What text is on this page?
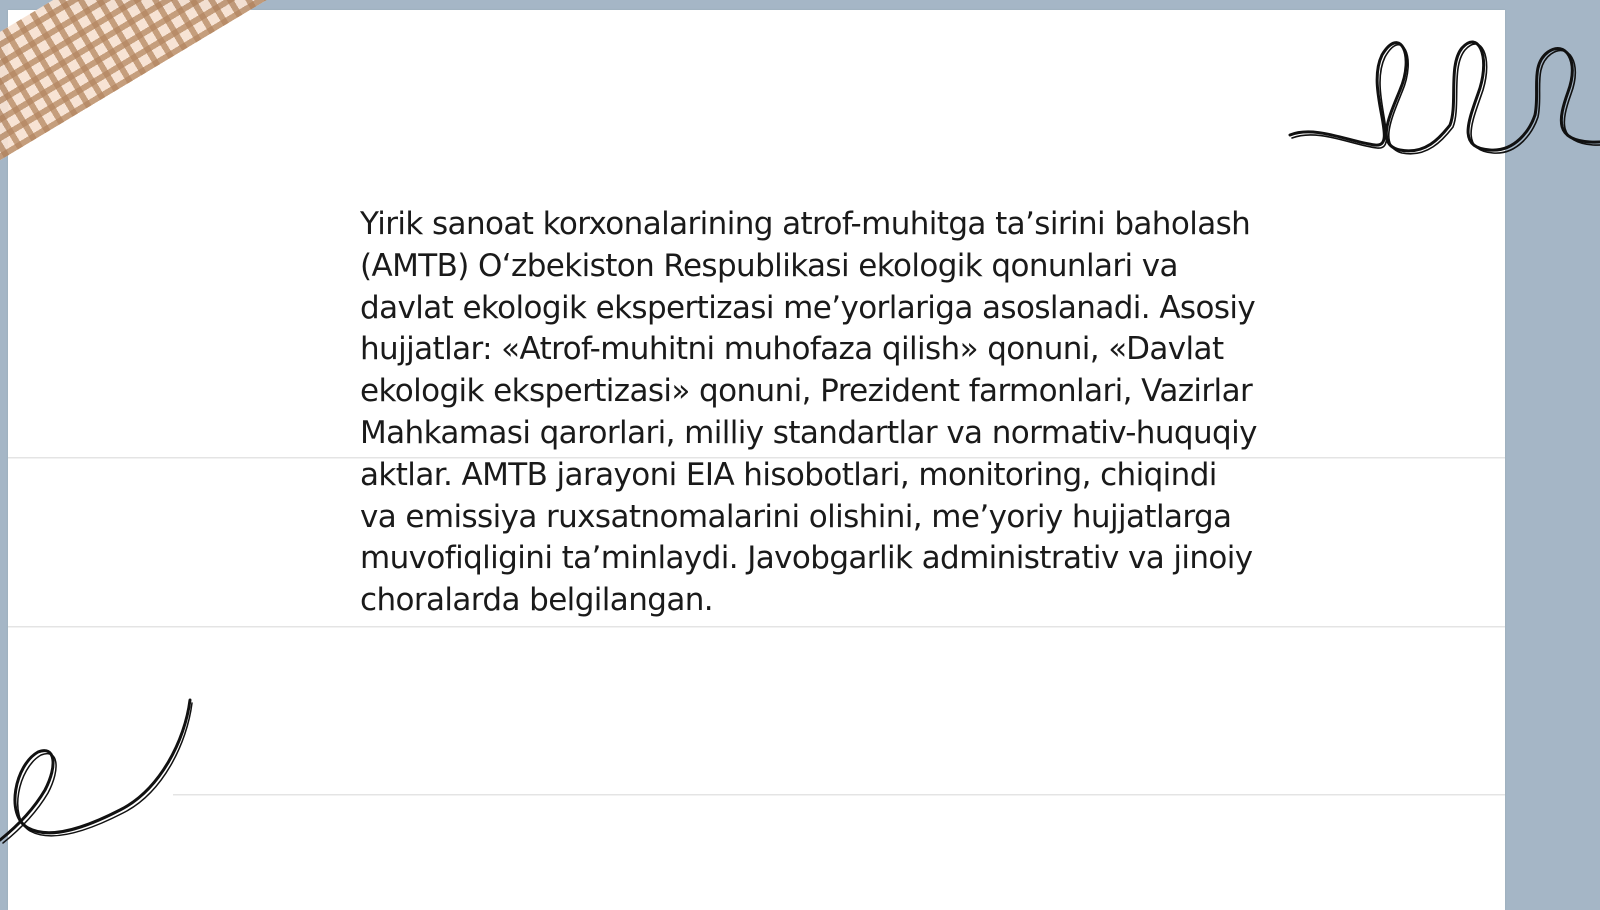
Yirik sanoat korxonalarining atrof-muhitga ta’sirini baholash (AMTB) O‘zbekiston Respublikasi ekologik qonunlari va davlat ekologik ekspertizasi me’yorlariga asoslanadi. Asosiy hujjatlar: «Atrof-muhitni muhofaza qilish» qonuni, «Davlat ekologik ekspertizasi» qonuni, Prezident farmonlari, Vazirlar Mahkamasi qarorlari, milliy standartlar va normativ-huquqiy aktlar. AMTB jarayoni EIA hisobotlari, monitoring, chiqindi va emissiya ruxsatnomalarini olishini, me’yoriy hujjatlarga muvofiqligini ta’minlaydi. Javobgarlik administrativ va jinoiy choralarda belgilangan.
